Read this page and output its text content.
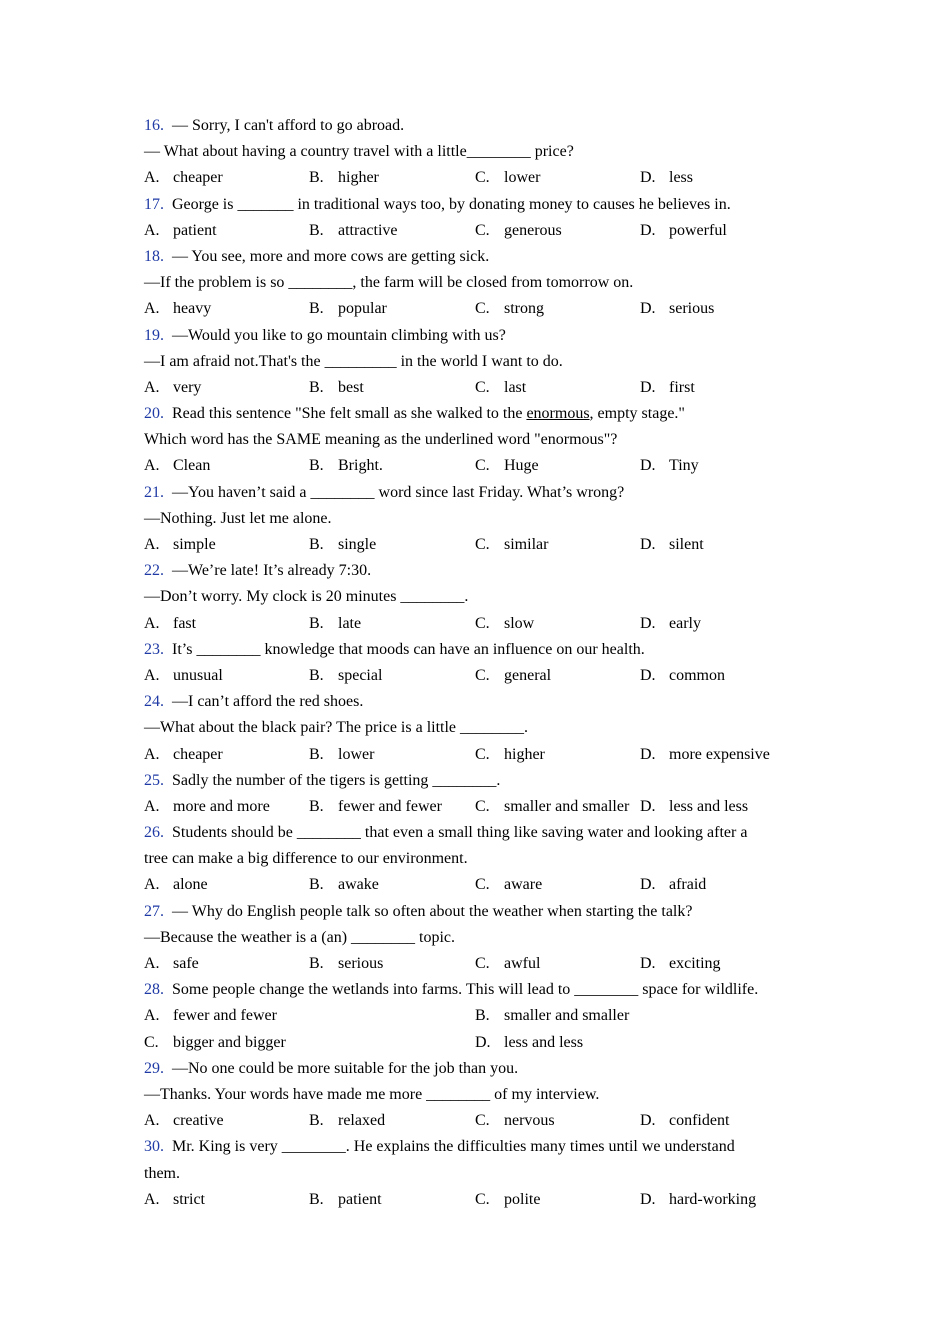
16. — Sorry, I can't afford to go abroad.
— What about having a country travel with a little________ price?
A. cheaper	B. higher	C. lower	D. less
17. George is _______ in traditional ways too, by donating money to causes he believes in.
A. patient	B. attractive	C. generous	D. powerful
18. — You see, more and more cows are getting sick.
—If the problem is so ________, the farm will be closed from tomorrow on.
A. heavy	B. popular	C. strong	D. serious
19. —Would you like to go mountain climbing with us?
—I am afraid not.That's the _________ in the world I want to do.
A. very	B. best	C. last	D. first
20. Read this sentence "She felt small as she walked to the enormous, empty stage."
Which word has the SAME meaning as the underlined word "enormous"?
A. Clean	B. Bright.	C. Huge	D. Tiny
21. —You haven’t said a ________ word since last Friday. What’s wrong?
—Nothing. Just let me alone.
A. simple	B. single	C. similar	D. silent
22. —We’re late! It’s already 7:30.
—Don’t worry. My clock is 20 minutes ________.
A. fast	B. late	C. slow	D. early
23. It’s ________ knowledge that moods can have an influence on our health.
A. unusual	B. special	C. general	D. common
24. —I can’t afford the red shoes.
—What about the black pair? The price is a little ________.
A. cheaper	B. lower	C. higher	D. more expensive
25. Sadly the number of the tigers is getting ________.
A. more and more B. fewer and fewer C. smaller and smaller D. less and less
26. Students should be ________ that even a small thing like saving water and looking after a
tree can make a big difference to our environment.
A. alone	B. awake	C. aware	D. afraid
27. — Why do English people talk so often about the weather when starting the talk?
—Because the weather is a (an) ________ topic.
A. safe	B. serious	C. awful	D. exciting
28. Some people change the wetlands into farms. This will lead to ________ space for wildlife.
A. fewer and fewer	B. smaller and smaller
C. bigger and bigger	D. less and less
29. —No one could be more suitable for the job than you.
—Thanks. Your words have made me more ________ of my interview.
A. creative	B. relaxed	C. nervous	D. confident
30. Mr. King is very ________. He explains the difficulties many times until we understand
them.
A. strict	B. patient	C. polite	D. hard-working
